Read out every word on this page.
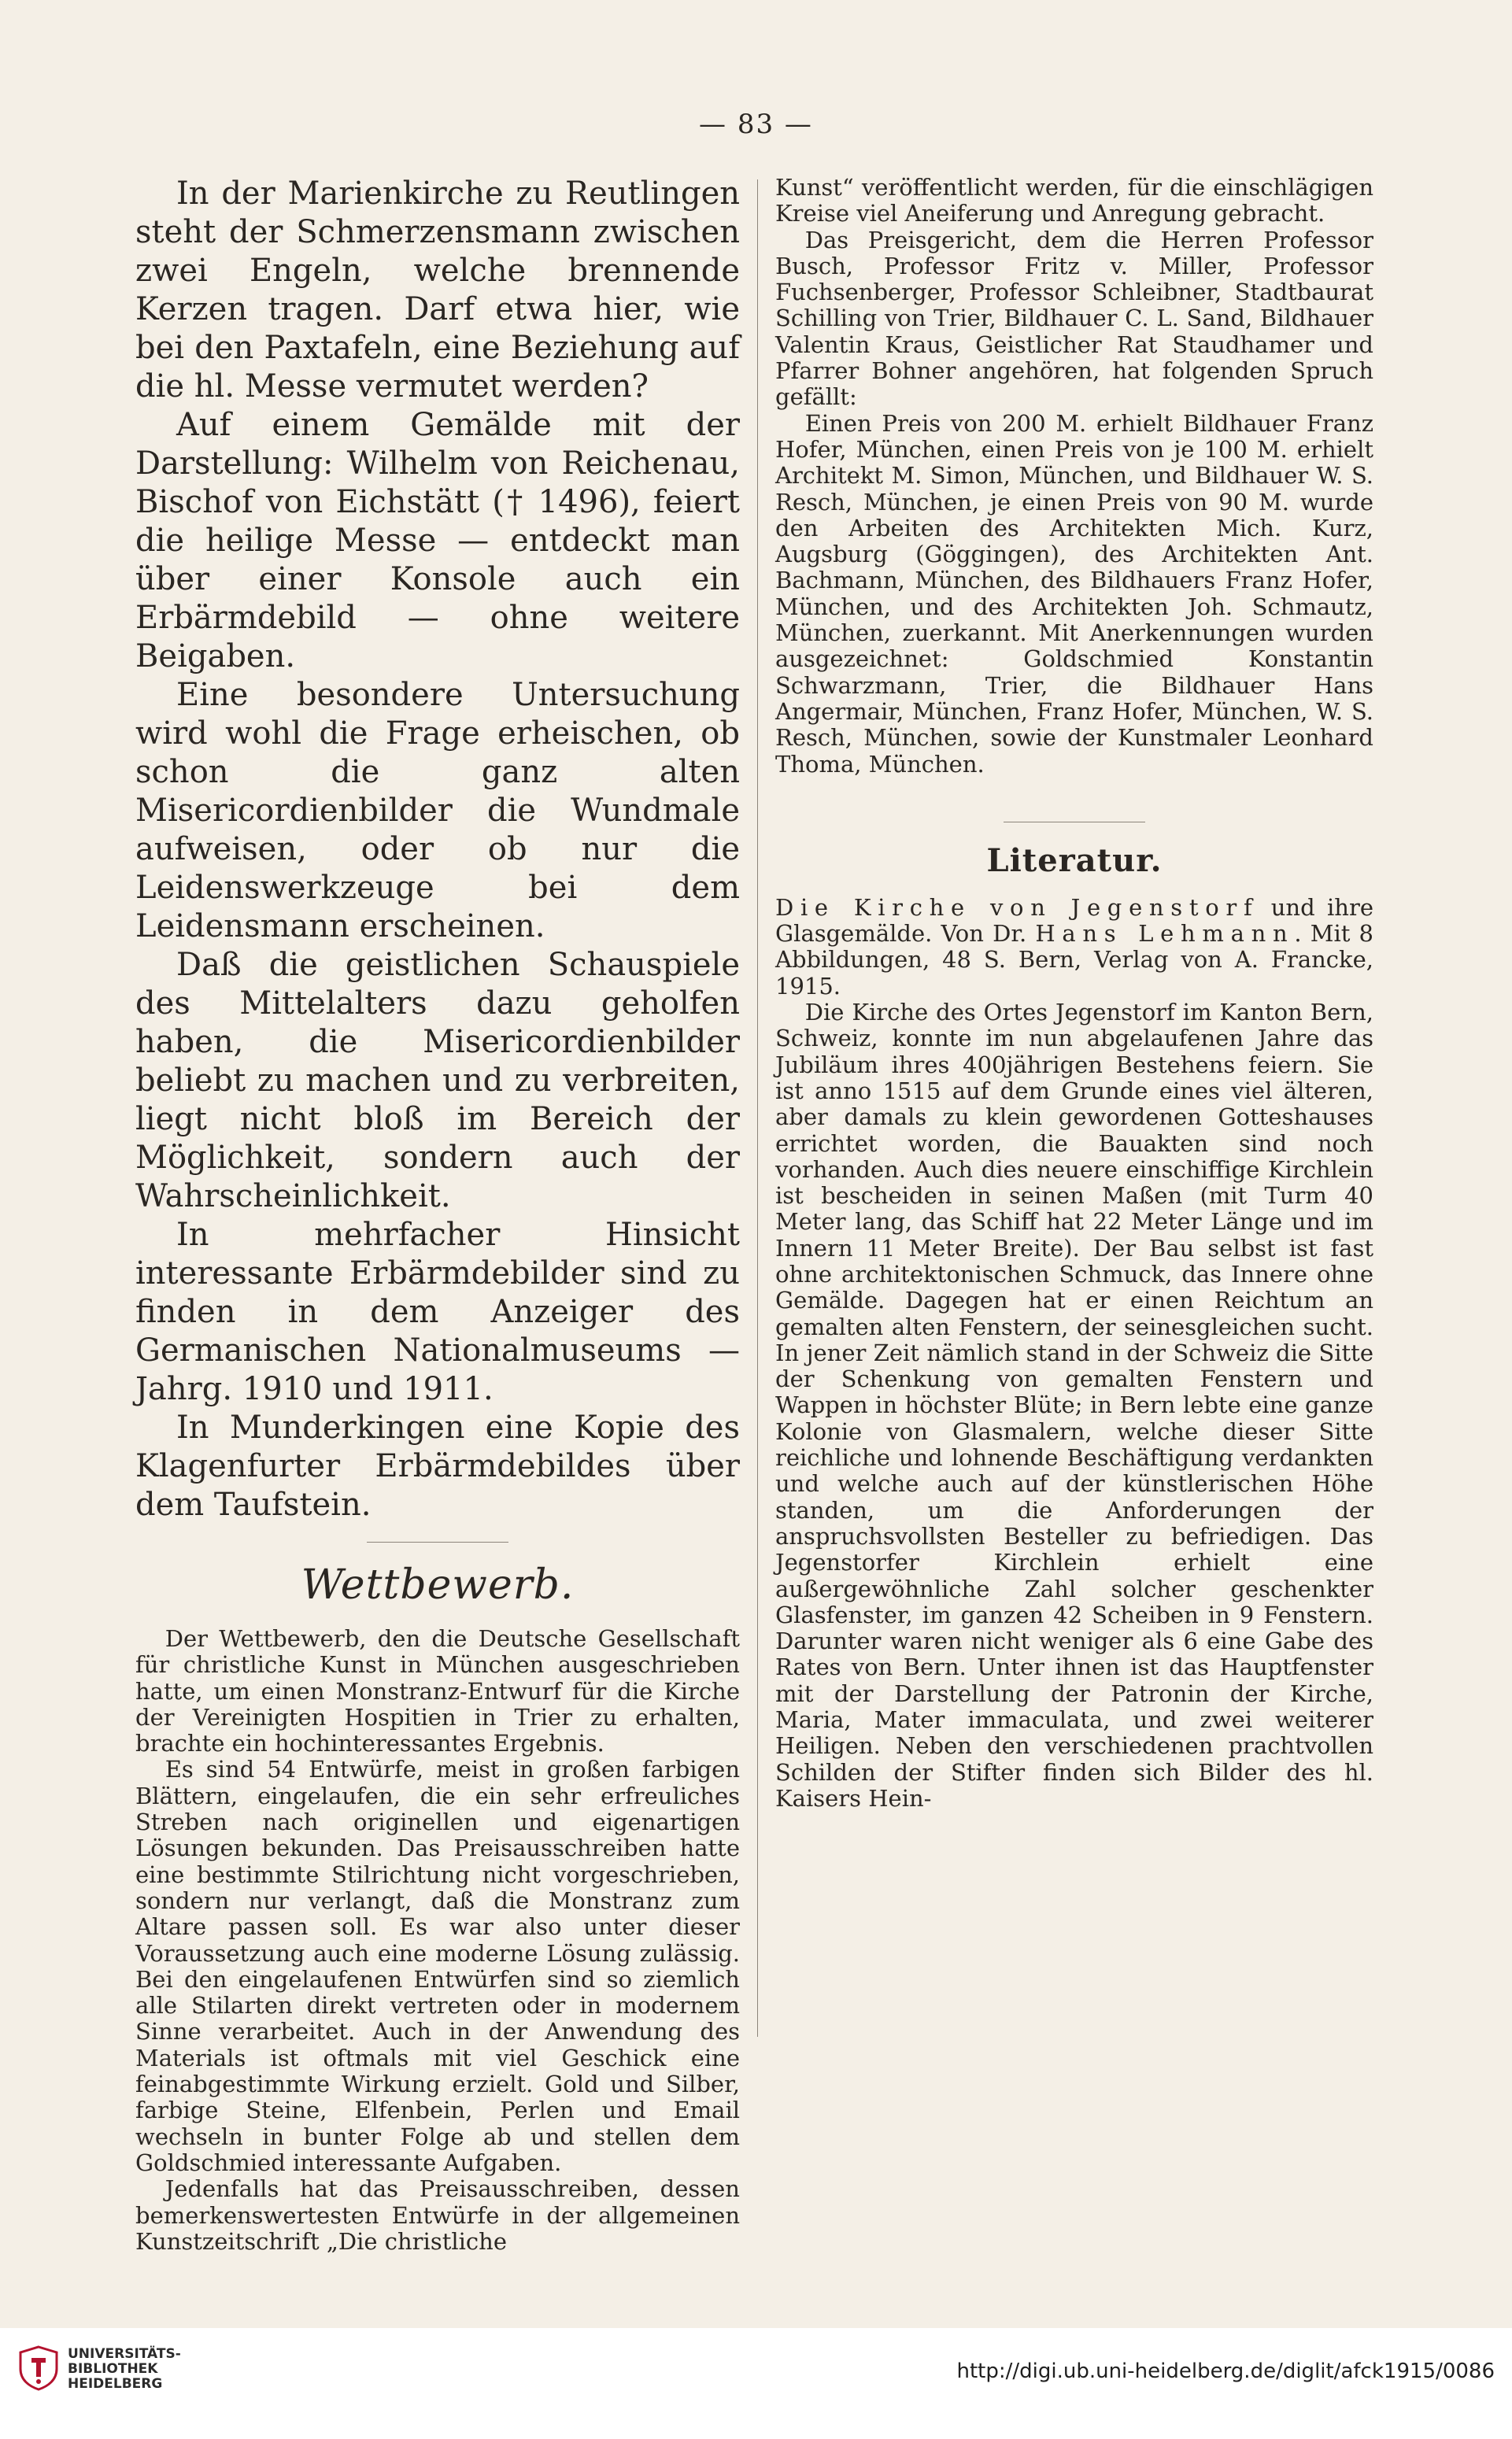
— 83 —

In der Marienkirche zu Reutlingen steht der Schmerzensmann zwischen zwei Engeln, welche brennende Kerzen tragen. Darf etwa hier, wie bei den Paxtafeln, eine Beziehung auf die hl. Messe vermutet werden?

Auf einem Gemälde mit der Darstellung: Wilhelm von Reichenau, Bischof von Eichstätt († 1496), feiert die heilige Messe — entdeckt man über einer Konsole auch ein Erbärmdebild — ohne weitere Beigaben.

Eine besondere Untersuchung wird wohl die Frage erheischen, ob schon die ganz alten Misericordienbilder die Wundmale aufweisen, oder ob nur die Leidenswerkzeuge bei dem Leidensmann erscheinen.

Daß die geistlichen Schauspiele des Mittelalters dazu geholfen haben, die Misericordienbilder beliebt zu machen und zu verbreiten, liegt nicht bloß im Bereich der Möglichkeit, sondern auch der Wahrscheinlichkeit.

In mehrfacher Hinsicht interessante Erbärmdebilder sind zu finden in dem Anzeiger des Germanischen Nationalmuseums — Jahrg. 1910 und 1911.

In Munderkingen eine Kopie des Klagenfurter Erbärmdebildes über dem Taufstein.

Wettbewerb.

Der Wettbewerb, den die Deutsche Gesellschaft für christliche Kunst in München ausgeschrieben hatte, um einen Monstranz-Entwurf für die Kirche der Vereinigten Hospitien in Trier zu erhalten, brachte ein hochinteressantes Ergebnis.

Es sind 54 Entwürfe, meist in großen farbigen Blättern, eingelaufen, die ein sehr erfreuliches Streben nach originellen und eigenartigen Lösungen bekunden. Das Preisausschreiben hatte eine bestimmte Stilrichtung nicht vorgeschrieben, sondern nur verlangt, daß die Monstranz zum Altare passen soll. Es war also unter dieser Voraussetzung auch eine moderne Lösung zulässig. Bei den eingelaufenen Entwürfen sind so ziemlich alle Stilarten direkt vertreten oder in modernem Sinne verarbeitet. Auch in der Anwendung des Materials ist oftmals mit viel Geschick eine feinabgestimmte Wirkung erzielt. Gold und Silber, farbige Steine, Elfenbein, Perlen und Email wechseln in bunter Folge ab und stellen dem Goldschmied interessante Aufgaben.

Jedenfalls hat das Preisausschreiben, dessen bemerkenswertesten Entwürfe in der allgemeinen Kunstzeitschrift „Die christliche

Kunst“ veröffentlicht werden, für die einschlägigen Kreise viel Aneiferung und Anregung gebracht.

Das Preisgericht, dem die Herren Professor Busch, Professor Fritz v. Miller, Professor Fuchsenberger, Professor Schleibner, Stadtbaurat Schilling von Trier, Bildhauer C. L. Sand, Bildhauer Valentin Kraus, Geistlicher Rat Staudhamer und Pfarrer Bohner angehören, hat folgenden Spruch gefällt:

Einen Preis von 200 M. erhielt Bildhauer Franz Hofer, München, einen Preis von je 100 M. erhielt Architekt M. Simon, München, und Bildhauer W. S. Resch, München, je einen Preis von 90 M. wurde den Arbeiten des Architekten Mich. Kurz, Augsburg (Göggingen), des Architekten Ant. Bachmann, München, des Bildhauers Franz Hofer, München, und des Architekten Joh. Schmautz, München, zuerkannt. Mit Anerkennungen wurden ausgezeichnet: Goldschmied Konstantin Schwarzmann, Trier, die Bildhauer Hans Angermair, München, Franz Hofer, München, W. S. Resch, München, sowie der Kunstmaler Leonhard Thoma, München.

Literatur.

Die Kirche von Jegenstorf und ihre Glasgemälde. Von Dr. Hans Lehmann. Mit 8 Abbildungen, 48 S. Bern, Verlag von A. Francke, 1915.

Die Kirche des Ortes Jegenstorf im Kanton Bern, Schweiz, konnte im nun abgelaufenen Jahre das Jubiläum ihres 400jährigen Bestehens feiern. Sie ist anno 1515 auf dem Grunde eines viel älteren, aber damals zu klein gewordenen Gotteshauses errichtet worden, die Bauakten sind noch vorhanden. Auch dies neuere einschiffige Kirchlein ist bescheiden in seinen Maßen (mit Turm 40 Meter lang, das Schiff hat 22 Meter Länge und im Innern 11 Meter Breite). Der Bau selbst ist fast ohne architektonischen Schmuck, das Innere ohne Gemälde. Dagegen hat er einen Reichtum an gemalten alten Fenstern, der seinesgleichen sucht. In jener Zeit nämlich stand in der Schweiz die Sitte der Schenkung von gemalten Fenstern und Wappen in höchster Blüte; in Bern lebte eine ganze Kolonie von Glasmalern, welche dieser Sitte reichliche und lohnende Beschäftigung verdankten und welche auch auf der künstlerischen Höhe standen, um die Anforderungen der anspruchsvollsten Besteller zu befriedigen. Das Jegenstorfer Kirchlein erhielt eine außergewöhnliche Zahl solcher geschenkter Glasfenster, im ganzen 42 Scheiben in 9 Fenstern. Darunter waren nicht weniger als 6 eine Gabe des Rates von Bern. Unter ihnen ist das Hauptfenster mit der Darstellung der Patronin der Kirche, Maria, Mater immaculata, und zwei weiterer Heiligen. Neben den verschiedenen prachtvollen Schilden der Stifter finden sich Bilder des hl. Kaisers Hein-

UNIVERSITÄTS-
BIBLIOTHEK
HEIDELBERG
http://digi.ub.uni-heidelberg.de/diglit/afck1915/0086
